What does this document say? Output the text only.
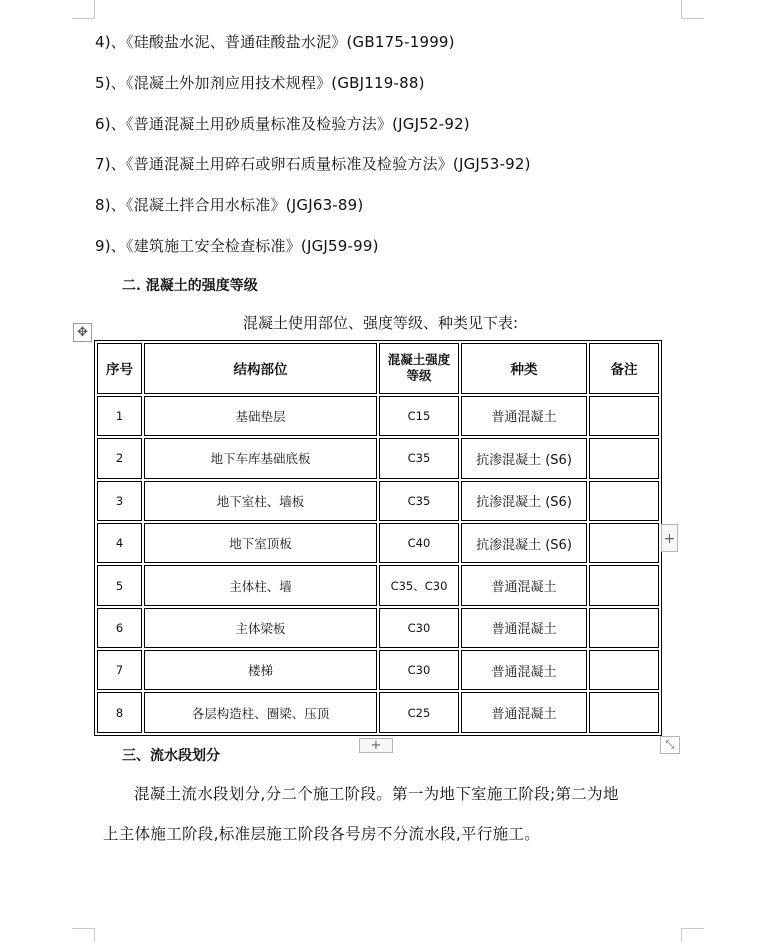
4)、《硅酸盐水泥、普通硅酸盐水泥》(GB175-1999)
5)、《混凝土外加剂应用技术规程》(GBJ119-88)
6)、《普通混凝土用砂质量标准及检验方法》(JGJ52-92)
7)、《普通混凝土用碎石或卵石质量标准及检验方法》(JGJ53-92)
8)、《混凝土拌合用水标准》(JGJ63-89)
9)、《建筑施工安全检查标准》(JGJ59-99)
二. 混凝土的强度等级
混凝土使用部位、强度等级、种类见下表:
✥
序号	结构部位	混凝土强度等级	种类	备注
1	基础垫层	C15	普通混凝土	
2	地下车库基础底板	C35	抗渗混凝土 (S6)	
3	地下室柱、墙板	C35	抗渗混凝土 (S6)	
4	地下室顶板	C40	抗渗混凝土 (S6)	
5	主体柱、墙	C35、C30	普通混凝土	
6	主体梁板	C30	普通混凝土	
7	楼梯	C30	普通混凝土	
8	各层构造柱、圈梁、压顶	C25	普通混凝土	
+
+	⤡
三、流水段划分
混凝土流水段划分,分二个施工阶段。第一为地下室施工阶段;第二为地
上主体施工阶段,标准层施工阶段各号房不分流水段,平行施工。
